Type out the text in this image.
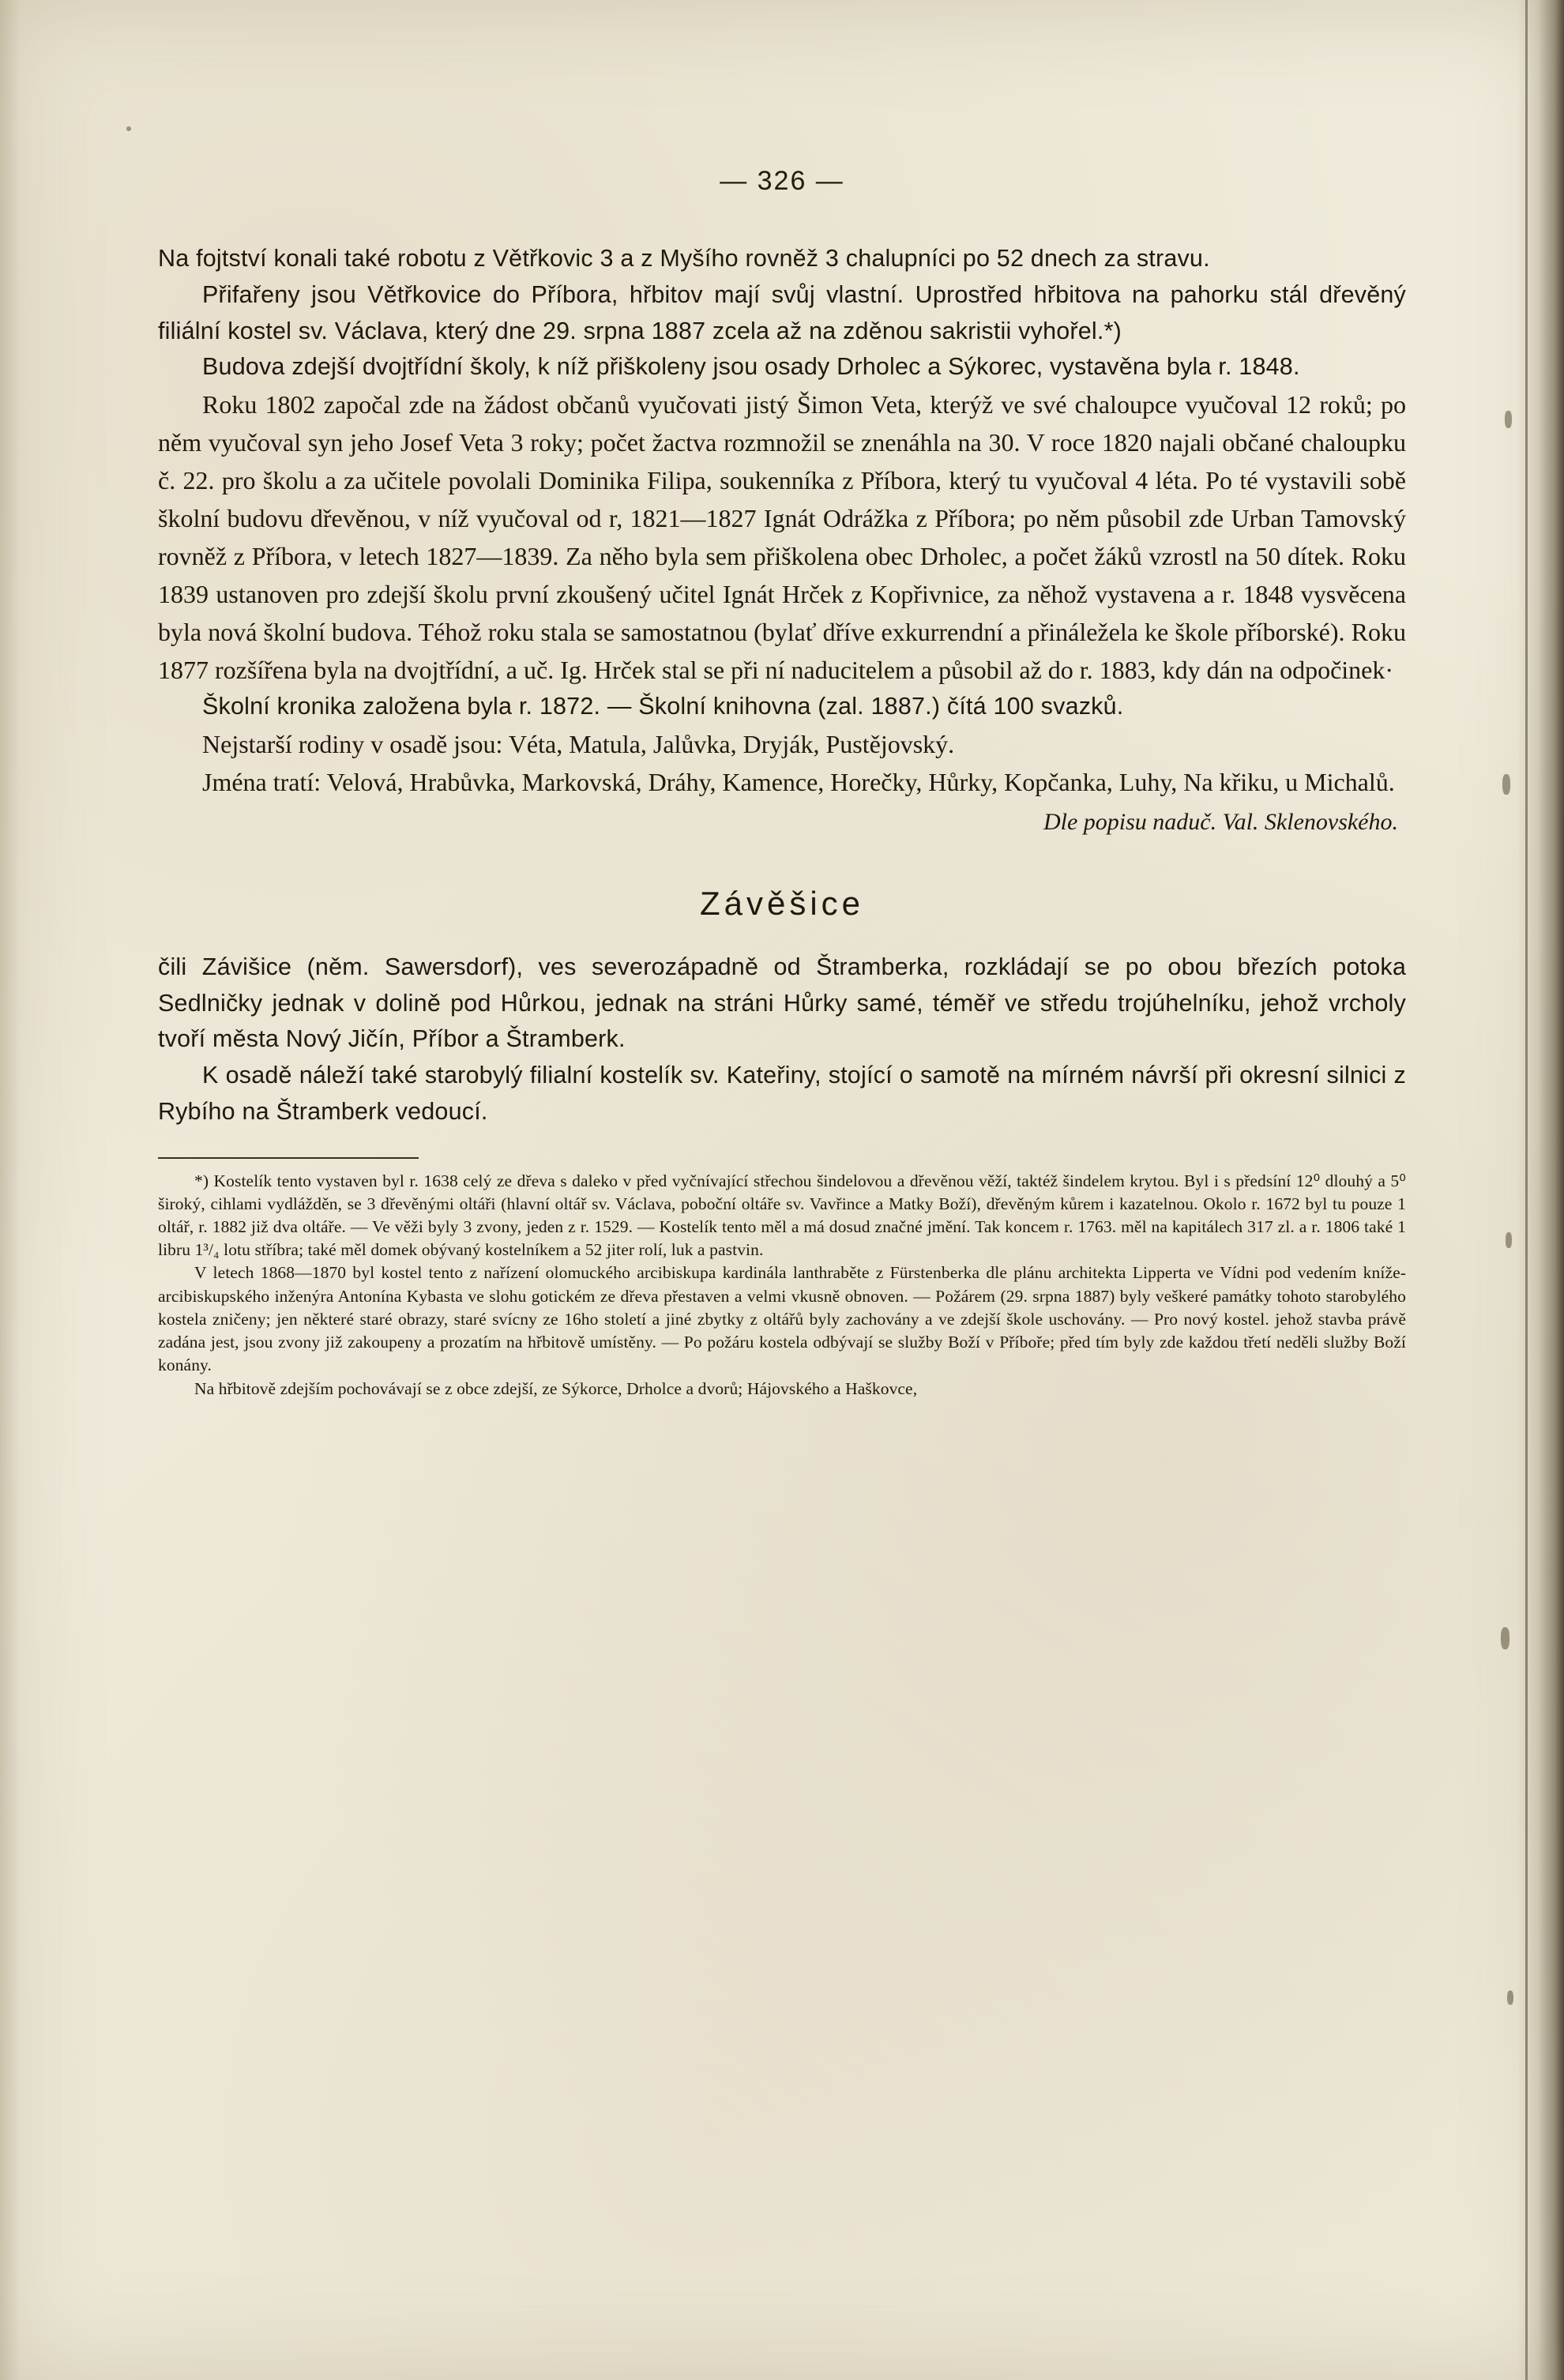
— 326 —

Na fojtství konali také robotu z Větřkovic 3 a z Myšího rovněž 3 chalupníci po 52 dnech za stravu.

Přifařeny jsou Větřkovice do Příbora, hřbitov mají svůj vlastní. Uprostřed hřbitova na pahorku stál dřevěný filiální kostel sv. Václava, který dne 29. srpna 1887 zcela až na zděnou sakristii vyhořel.*)

Budova zdejší dvojtřídní školy, k níž přiškoleny jsou osady Drholec a Sýkorec, vystavěna byla r. 1848.

Roku 1802 započal zde na žádost občanů vyučovati jistý Šimon Veta, kterýž ve své chaloupce vyučoval 12 roků; po něm vyučoval syn jeho Josef Veta 3 roky; počet žactva rozmnožil se znenáhla na 30. V roce 1820 najali občané chaloupku č. 22. pro školu a za učitele povolali Dominika Filipa, soukenníka z Příbora, který tu vyučoval 4 léta. Po té vystavili sobě školní budovu dřevěnou, v níž vyučoval od r, 1821—1827 Ignát Odrážka z Příbora; po něm působil zde Urban Tamovský rovněž z Příbora, v letech 1827—1839. Za něho byla sem přiškolena obec Drholec, a počet žáků vzrostl na 50 dítek. Roku 1839 ustanoven pro zdejší školu první zkoušený učitel Ignát Hrček z Kopřivnice, za něhož vystavena a r. 1848 vysvěcena byla nová školní budova. Téhož roku stala se samostatnou (bylať dříve exkurrendní a přináležela ke škole příborské). Roku 1877 rozšířena byla na dvojtřídní, a uč. Ig. Hrček stal se při ní naducitelem a působil až do r. 1883, kdy dán na odpočinek·

Školní kronika založena byla r. 1872. — Školní knihovna (zal. 1887.) čítá 100 svazků.

Nejstarší rodiny v osadě jsou: Véta, Matula, Jalůvka, Dryják, Pustějovský.

Jména tratí: Velová, Hrabůvka, Markovská, Dráhy, Kamence, Horečky, Hůrky, Kopčanka, Luhy, Na křiku, u Michalů.

Dle popisu naduč. Val. Sklenovského.
Závěšice

čili Závišice (něm. Sawersdorf), ves severozápadně od Štramberka, rozkládají se po obou březích potoka Sedlničky jednak v dolině pod Hůrkou, jednak na stráni Hůrky samé, téměř ve středu trojúhelníku, jehož vrcholy tvoří města Nový Jičín, Příbor a Štramberk.

K osadě náleží také starobylý filialní kostelík sv. Kateřiny, stojící o samotě na mírném návrší při okresní silnici z Rybího na Štramberk vedoucí.

*) Kostelík tento vystaven byl r. 1638 celý ze dřeva s daleko v před vyčnívající střechou šindelovou a dřevěnou věží, taktéž šindelem krytou. Byl i s předsíní 12⁰ dlouhý a 5⁰ široký, cihlami vydlážděn, se 3 dřevěnými oltáři (hlavní oltář sv. Václava, poboční oltáře sv. Vavřince a Matky Boží), dřevěným kůrem i kazatelnou. Okolo r. 1672 byl tu pouze 1 oltář, r. 1882 již dva oltáře. — Ve věži byly 3 zvony, jeden z r. 1529. — Kostelík tento měl a má dosud značné jmění. Tak koncem r. 1763. měl na kapitálech 317 zl. a r. 1806 také 1 libru 1³/₄ lotu stříbra; také měl domek obývaný kostelníkem a 52 jiter rolí, luk a pastvin.

V letech 1868—1870 byl kostel tento z nařízení olomuckého arcibiskupa kardinála lanthraběte z Fürstenberka dle plánu architekta Lipperta ve Vídni pod vedením kníže-arcibiskupského inženýra Antonína Kybasta ve slohu gotickém ze dřeva přestaven a velmi vkusně obnoven. — Požárem (29. srpna 1887) byly veškeré památky tohoto starobylého kostela zničeny; jen některé staré obrazy, staré svícny ze 16ho století a jiné zbytky z oltářů byly zachovány a ve zdejší škole uschovány. — Pro nový kostel. jehož stavba právě zadána jest, jsou zvony již zakoupeny a prozatím na hřbitově umístěny. — Po požáru kostela odbývají se služby Boží v Příboře; před tím byly zde každou třetí neděli služby Boží konány.

Na hřbitově zdejším pochovávají se z obce zdejší, ze Sýkorce, Drholce a dvorů; Hájovského a Haškovce,
